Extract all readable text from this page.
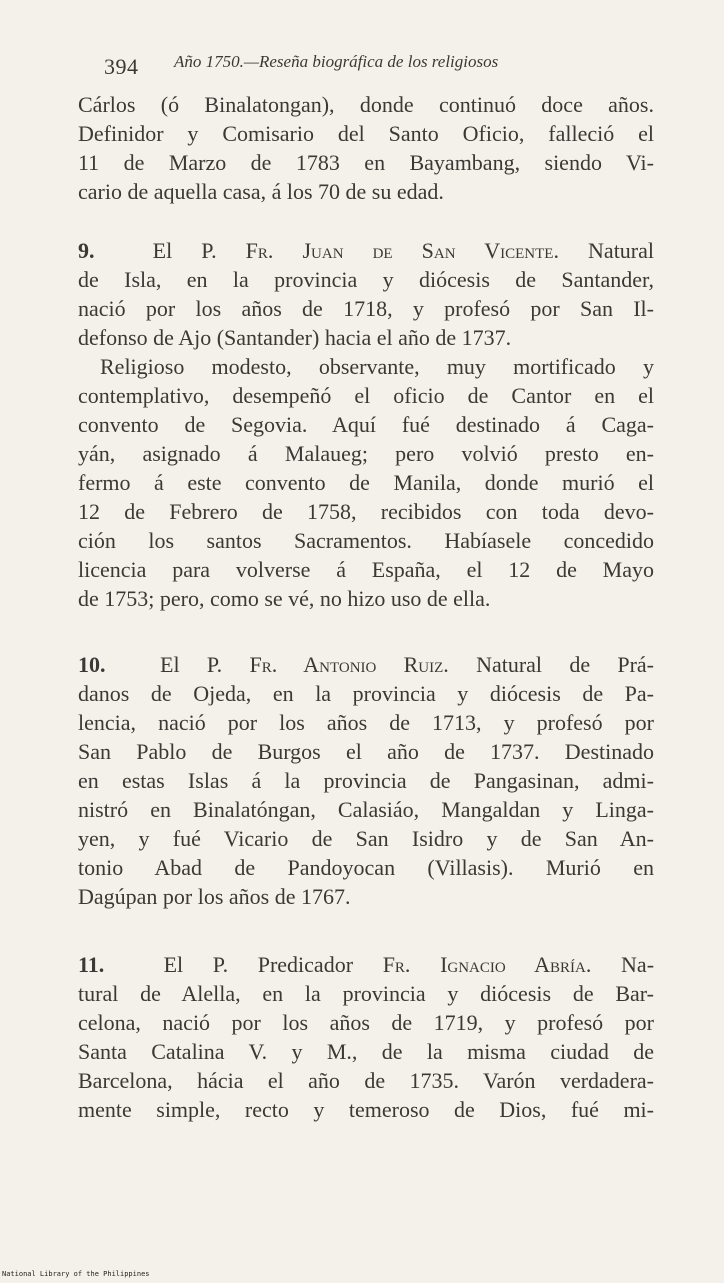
394 Año 1750.—Reseña biográfica de los religiosos
Cárlos (ó Binalatongan), donde continuó doce años.
Definidor y Comisario del Santo Oficio, falleció el
11 de Marzo de 1783 en Bayambang, siendo Vi-
cario de aquella casa, á los 70 de su edad.
9.	El P. Fr. Juan de San Vicente. Natural
de Isla, en la provincia y diócesis de Santander,
nació por los años de 1718, y profesó por San Il-
defonso de Ajo (Santander) hacia el año de 1737.
Religioso modesto, observante, muy mortificado y
contemplativo, desempeñó el oficio de Cantor en el
convento de Segovia. Aquí fué destinado á Caga-
yán, asignado á Malaueg; pero volvió presto en-
fermo á este convento de Manila, donde murió el
12 de Febrero de 1758, recibidos con toda devo-
ción los santos Sacramentos. Habíasele concedido
licencia para volverse á España, el 12 de Mayo
de 1753; pero, como se vé, no hizo uso de ella.
10. El P. Fr. Antonio Ruiz. Natural de Prá-
danos de Ojeda, en la provincia y diócesis de Pa-
lencia, nació por los años de 1713, y profesó por
San Pablo de Burgos el año de 1737. Destinado
en estas Islas á la provincia de Pangasinan, admi-
nistró en Binalatóngan, Calasiáo, Mangaldan y Linga-
yen, y fué Vicario de San Isidro y de San An-
tonio Abad de Pandoyocan (Villasis). Murió en
Dagúpan por los años de 1767.
11.	El P. Predicador Fr. Ignacio Abría. Na-
tural de Alella, en la provincia y diócesis de Bar-
celona, nació por los años de 1719, y profesó por
Santa Catalina V. y M., de la misma ciudad de
Barcelona, hácia el año de 1735. Varón verdadera-
mente simple, recto y temeroso de Dios, fué mi-
National Library of the Philippines
